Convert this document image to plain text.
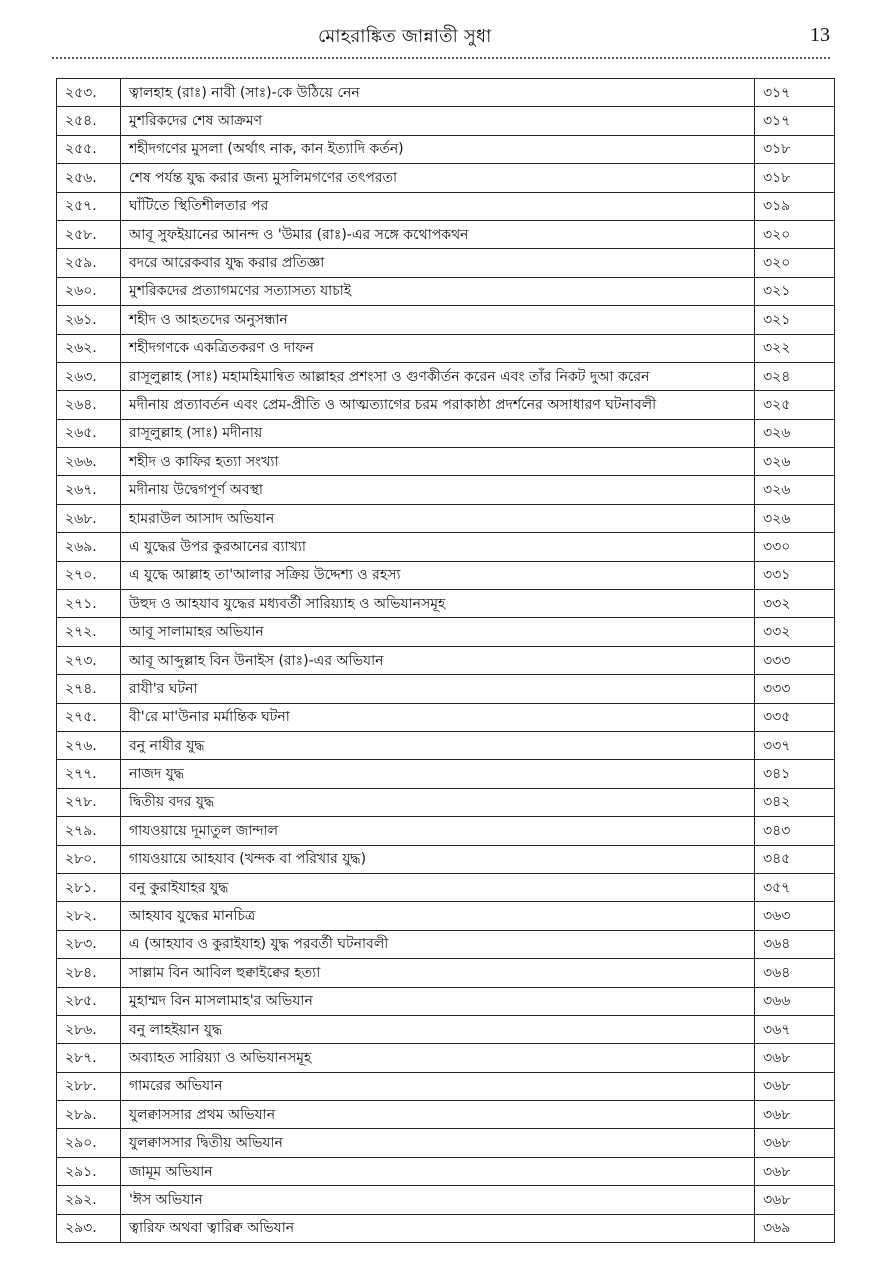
মোহরাঙ্কিত জান্নাতী সুধা	13
২৫৩.	ত্বালহাহ (রাঃ) নাবী (সাঃ)-কে উঠিয়ে নেন	৩১৭
২৫৪.	মুশরিকদের শেষ আক্রমণ	৩১৭
২৫৫.	শহীদগণের মুসলা (অর্থাৎ নাক, কান ইত্যাদি কর্তন)	৩১৮
২৫৬.	শেষ পর্যন্ত যুদ্ধ করার জন্য মুসলিমগণের তৎপরতা	৩১৮
২৫৭.	ঘাঁটিতে স্থিতিশীলতার পর	৩১৯
২৫৮.	আবূ সুফইয়ানের আনন্দ ও 'উমার (রাঃ)-এর সঙ্গে কথোপকথন	৩২০
২৫৯.	বদরে আরেকবার যুদ্ধ করার প্রতিজ্ঞা	৩২০
২৬০.	মুশরিকদের প্রত্যাগমণের সত্যাসত্য যাচাই	৩২১
২৬১.	শহীদ ও আহতদের অনুসন্ধান	৩২১
২৬২.	শহীদগণকে একত্রিতকরণ ও দাফন	৩২২
২৬৩.	রাসূলুল্লাহ (সাঃ) মহামহিমান্বিত আল্লাহর প্রশংসা ও গুণকীর্তন করেন এবং তাঁর নিকট দুআ করেন	৩২৪
২৬৪.	মদীনায় প্রত্যাবর্তন এবং প্রেম-প্রীতি ও আত্মত্যাগের চরম পরাকাষ্ঠা প্রদর্শনের অসাধারণ ঘটনাবলী	৩২৫
২৬৫.	রাসূলুল্লাহ (সাঃ) মদীনায়	৩২৬
২৬৬.	শহীদ ও কাফির হত্যা সংখ্যা	৩২৬
২৬৭.	মদীনায় উদ্বেগপূর্ণ অবস্থা	৩২৬
২৬৮.	হামরাউল আসাদ অভিযান	৩২৬
২৬৯.	এ যুদ্ধের উপর কুরআনের ব্যাখ্যা	৩৩০
২৭০.	এ যুদ্ধে আল্লাহ তা'আলার সক্রিয় উদ্দেশ্য ও রহস্য	৩৩১
২৭১.	উহুদ ও আহযাব যুদ্ধের মধ্যবর্তী সারিয়্যাহ ও অভিযানসমূহ	৩৩২
২৭২.	আবূ সালামাহর অভিযান	৩৩২
২৭৩.	আবূ আব্দুল্লাহ বিন উনাইস (রাঃ)-এর অভিযান	৩৩৩
২৭৪.	রাযী'র ঘটনা	৩৩৩
২৭৫.	বী'রে মা'উনার মর্মান্তিক ঘটনা	৩৩৫
২৭৬.	বনু নাযীর যুদ্ধ	৩৩৭
২৭৭.	নাজদ যুদ্ধ	৩৪১
২৭৮.	দ্বিতীয় বদর যুদ্ধ	৩৪২
২৭৯.	গাযওয়ায়ে দূমাতুল জান্দাল	৩৪৩
২৮০.	গাযওয়ায়ে আহযাব (খন্দক বা পরিখার যুদ্ধ)	৩৪৫
২৮১.	বনু কুরাইযাহর যুদ্ধ	৩৫৭
২৮২.	আহযাব যুদ্ধের মানচিত্র	৩৬৩
২৮৩.	এ (আহযাব ও কুরাইযাহ) যুদ্ধ পরবর্তী ঘটনাবলী	৩৬৪
২৮৪.	সাল্লাম বিন আবিল হুক্বাইক্বের হত্যা	৩৬৪
২৮৫.	মুহাম্মদ বিন মাসলামাহ'র অভিযান	৩৬৬
২৮৬.	বনু লাহইয়ান যুদ্ধ	৩৬৭
২৮৭.	অব্যাহত সারিয়্যা ও অভিযানসমূহ	৩৬৮
২৮৮.	গামরের অভিযান	৩৬৮
২৮৯.	যুলক্বাসসার প্রথম অভিযান	৩৬৮
২৯০.	যুলক্বাসসার দ্বিতীয় অভিযান	৩৬৮
২৯১.	জামূম অভিযান	৩৬৮
২৯২.	'ঈস অভিযান	৩৬৮
২৯৩.	ত্বারিফ অথবা ত্বারিক্ব অভিযান	৩৬৯
